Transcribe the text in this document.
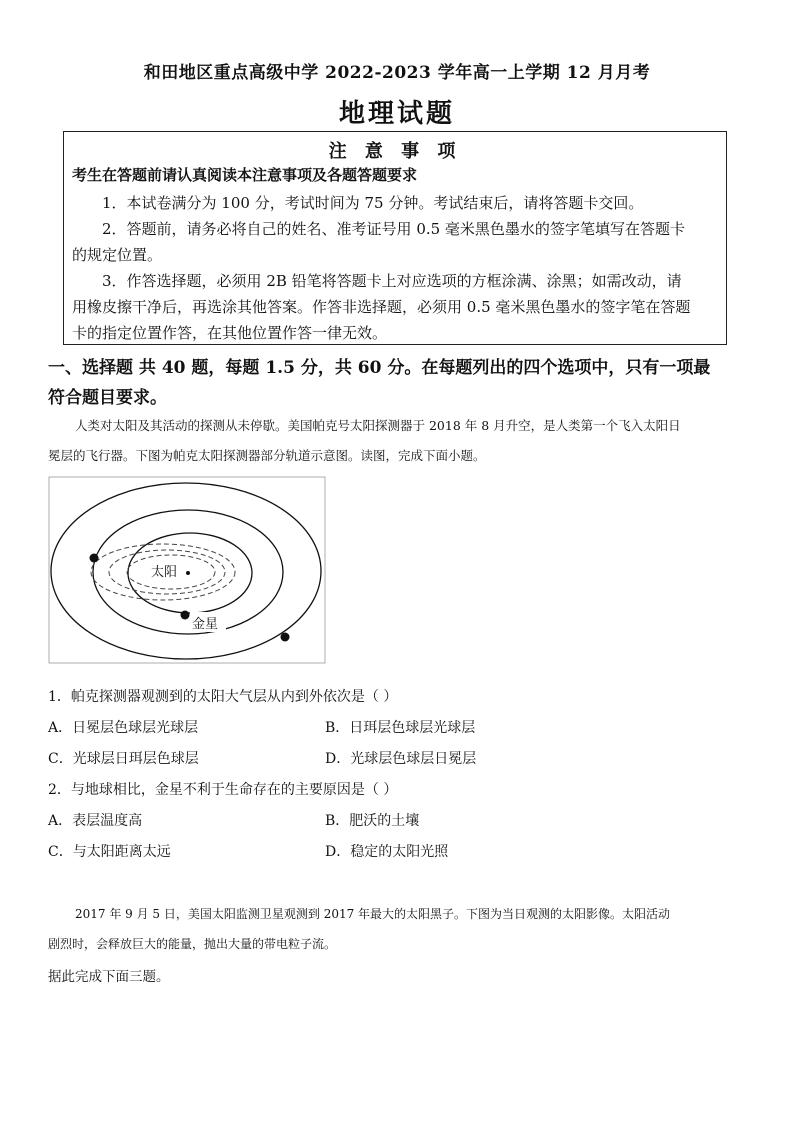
和田地区重点高级中学 2022-2023 学年高一上学期 12 月月考
地理试题
注 意 事 项
考生在答题前请认真阅读本注意事项及各题答题要求
1．本试卷满分为 100 分，考试时间为 75 分钟。考试结束后，请将答题卡交回。
2．答题前，请务必将自己的姓名、准考证号用 0.5 毫米黑色墨水的签字笔填写在答题卡
的规定位置。
3．作答选择题，必须用 2B 铅笔将答题卡上对应选项的方框涂满、涂黑；如需改动，请
用橡皮擦干净后，再选涂其他答案。作答非选择题，必须用 0.5 毫米黑色墨水的签字笔在答题
卡的指定位置作答，在其他位置作答一律无效。
一、选择题 共 40 题，每题 1.5 分，共 60 分。在每题列出的四个选项中，只有一项最
符合题目要求。
人类对太阳及其活动的探测从未停歇。美国帕克号太阳探测器于 2018 年 8 月升空，是人类第一个飞入太阳日
冕层的飞行器。下图为帕克太阳探测器部分轨道示意图。读图，完成下面小题。
太阳
金星
1．帕克探测器观测到的太阳大气层从内到外依次是（ ）
A．日冕层色球层光球层	B．日珥层色球层光球层
C．光球层日珥层色球层	D．光球层色球层日冕层
2．与地球相比，金星不利于生命存在的主要原因是（ ）
A．表层温度高	B．肥沃的土壤
C．与太阳距离太远	D．稳定的太阳光照
2017 年 9 月 5 日，美国太阳监测卫星观测到 2017 年最大的太阳黑子。下图为当日观测的太阳影像。太阳活动
剧烈时，会释放巨大的能量，抛出大量的带电粒子流。
据此完成下面三题。
